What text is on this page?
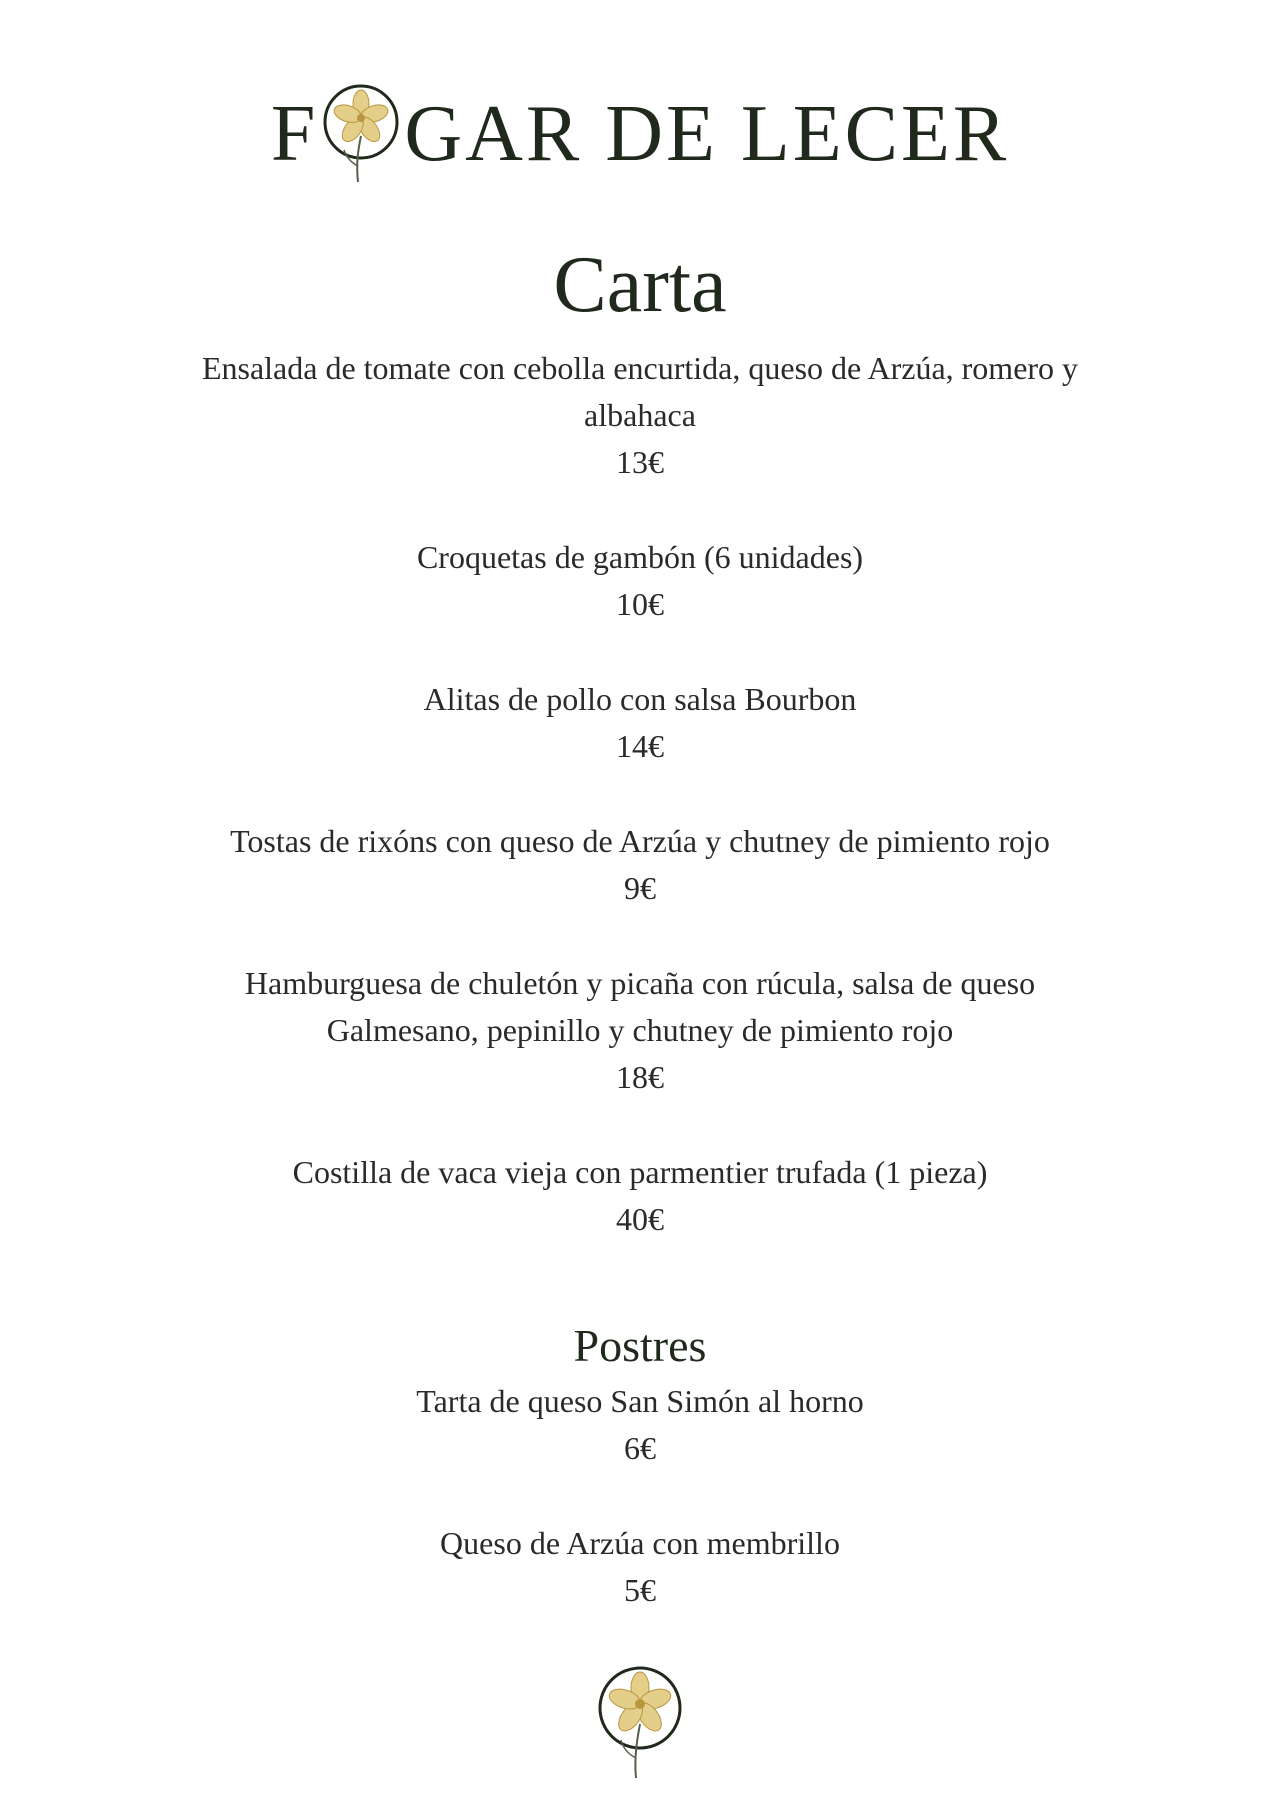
F GAR DE LECER
Carta
Ensalada de tomate con cebolla encurtida, queso de Arzúa, romero y albahaca
13€
Croquetas de gambón (6 unidades)
10€
Alitas de pollo con salsa Bourbon
14€
Tostas de rixóns con queso de Arzúa y chutney de pimiento rojo
9€
Hamburguesa de chuletón y picaña con rúcula, salsa de queso Galmesano, pepinillo y chutney de pimiento rojo
18€
Costilla de vaca vieja con parmentier trufada (1 pieza)
40€
Postres
Tarta de queso San Simón al horno
6€
Queso de Arzúa con membrillo
5€
